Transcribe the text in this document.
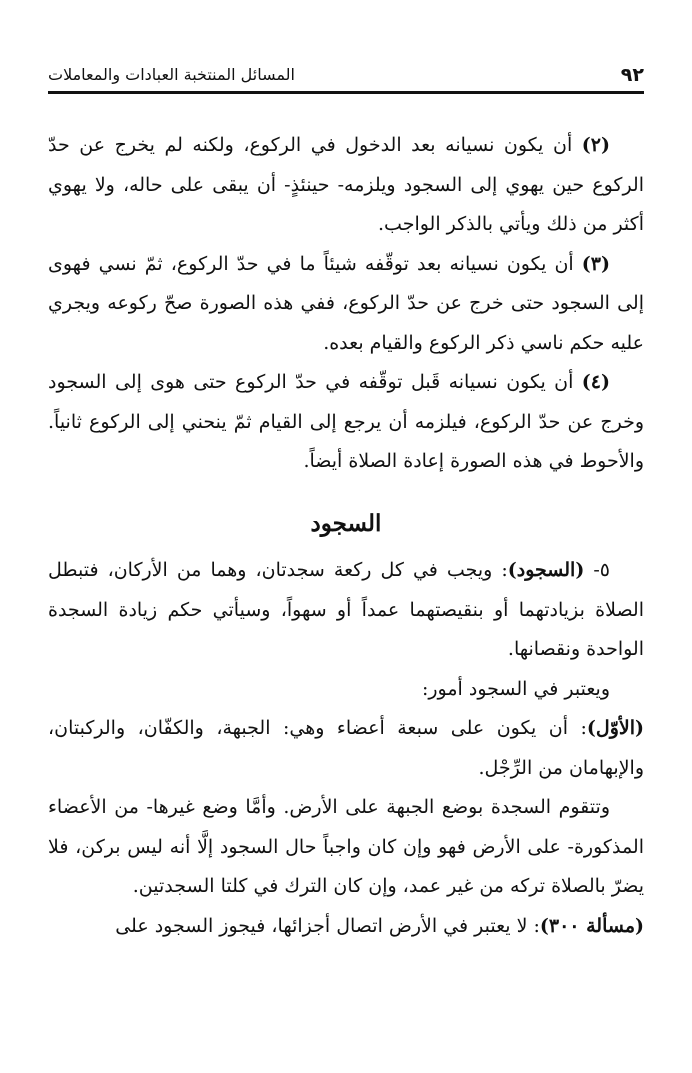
٩٢
المسائل المنتخبة العبادات والمعاملات

(٢) أن يكون نسيانه بعد الدخول في الركوع، ولكنه لم يخرج عن حدّ الركوع حين يهوي إلى السجود ويلزمه- حينئذٍ- أن يبقى على حاله، ولا يهوي أكثر من ذلك ويأتي بالذكر الواجب.

(٣) أن يكون نسيانه بعد توقّفه شيئاً ما في حدّ الركوع، ثمّ نسي فهوى إلى السجود حتى خرج عن حدّ الركوع، ففي هذه الصورة صحّ ركوعه ويجري عليه حكم ناسي ذكر الركوع والقيام بعده.

(٤) أن يكون نسيانه قَبل توقّفه في حدّ الركوع حتى هوى إلى السجود وخرج عن حدّ الركوع، فيلزمه أن يرجع إلى القيام ثمّ ينحني إلى الركوع ثانياً. والأحوط في هذه الصورة إعادة الصلاة أيضاً.

السجود

٥- (السجود): ويجب في كل ركعة سجدتان، وهما من الأركان، فتبطل الصلاة بزيادتهما أو بنقيصتهما عمداً أو سهواً، وسيأتي حكم زيادة السجدة الواحدة ونقصانها.

ويعتبر في السجود أمور:

(الأوّل): أن يكون على سبعة أعضاء وهي: الجبهة، والكفّان، والركبتان، والإبهامان من الرِّجْل.

وتتقوم السجدة بوضع الجبهة على الأرض. وأمَّا وضع غيرها- من الأعضاء المذكورة- على الأرض فهو وإن كان واجباً حال السجود إلَّا أنه ليس بركن، فلا يضرّ بالصلاة تركه من غير عمد، وإن كان الترك في كلتا السجدتين.

(مسألة ٣٠٠): لا يعتبر في الأرض اتصال أجزائها، فيجوز السجود على
